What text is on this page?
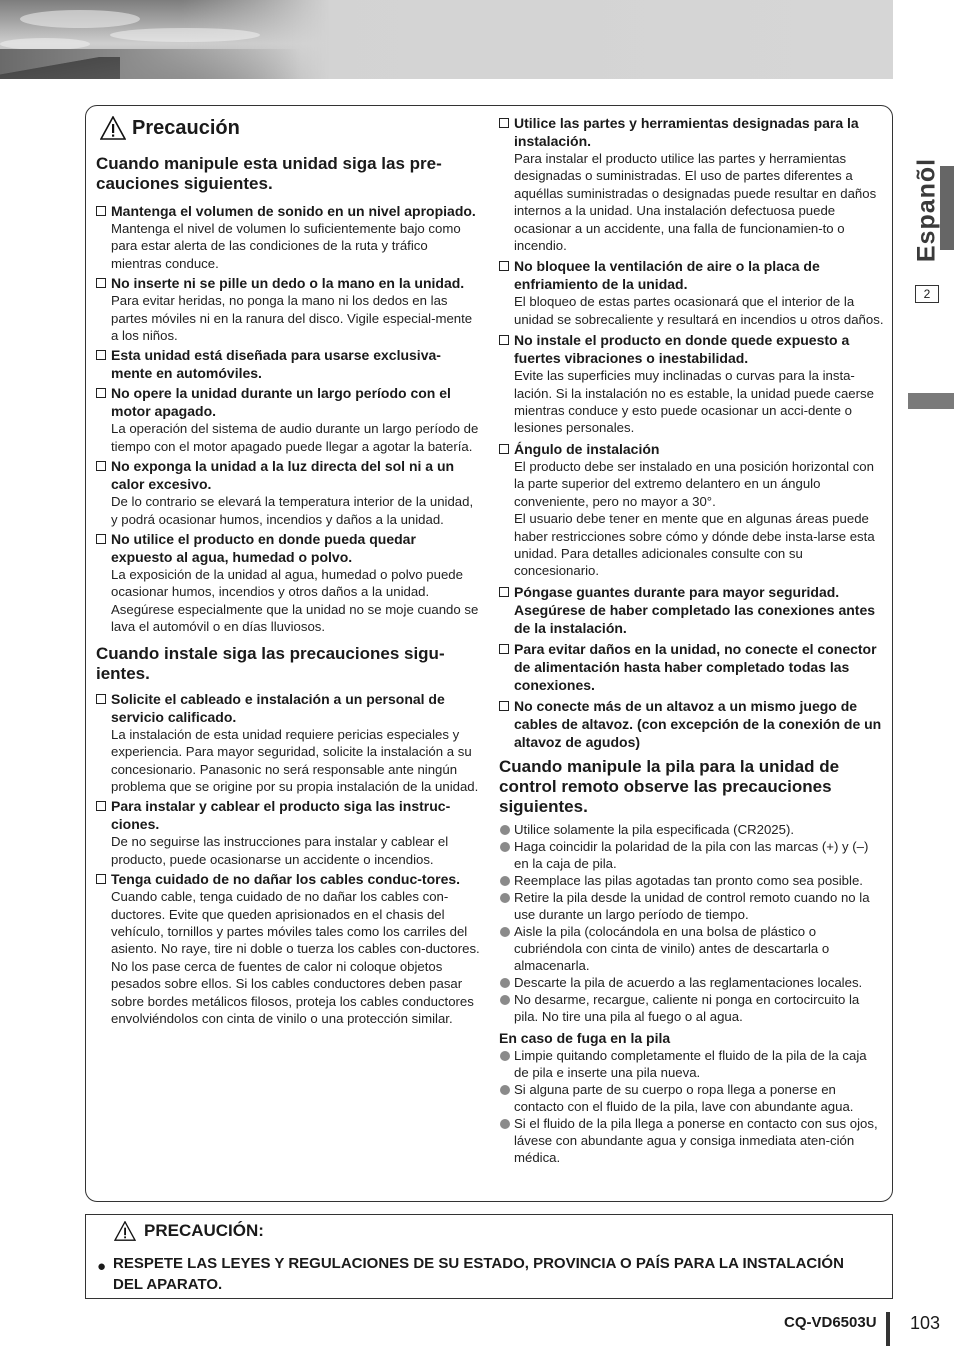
Espanõl
2
Precaución
Cuando manipule esta unidad siga las pre-cauciones siguientes.
Mantenga el volumen de sonido en un nivel apropiado.
Mantenga el nivel de volumen lo suficientemente bajo como para estar alerta de las condiciones de la ruta y tráfico mientras conduce.
No inserte ni se pille un dedo o la mano en la unidad.
Para evitar heridas, no ponga la mano ni los dedos en las partes móviles ni en la ranura del disco. Vigile especial-mente a los niños.
Esta unidad está diseñada para usarse exclusiva-mente en automóviles.
No opere la unidad durante un largo período con el motor apagado.
La operación del sistema de audio durante un largo período de tiempo con el motor apagado puede llegar a agotar la batería.
No exponga la unidad a la luz directa del sol ni a un calor excesivo.
De lo contrario se elevará la temperatura interior de la unidad, y podrá ocasionar humos, incendios y daños a la unidad.
No utilice el producto en donde pueda quedar expuesto al agua, humedad o polvo.
La exposición de la unidad al agua, humedad o polvo puede ocasionar humos, incendios y otros daños a la unidad. Asegúrese especialmente que la unidad no se moje cuando se lava el automóvil o en días lluviosos.
Cuando instale siga las precauciones sigu-ientes.
Solicite el cableado e instalación a un personal de servicio calificado.
La instalación de esta unidad requiere pericias especiales y experiencia. Para mayor seguridad, solicite la instalación a su concesionario. Panasonic no será responsable ante ningún problema que se origine por su propia instalación de la unidad.
Para instalar y cablear el producto siga las instruc-ciones.
De no seguirse las instrucciones para instalar y cablear el producto, puede ocasionarse un accidente o incendios.
Tenga cuidado de no dañar los cables conduc-tores.
Cuando cable, tenga cuidado de no dañar los cables con-ductores. Evite que queden aprisionados en el chasis del vehículo, tornillos y partes móviles tales como los carriles del asiento. No raye, tire ni doble o tuerza los cables con-ductores. No los pase cerca de fuentes de calor ni coloque objetos pesados sobre ellos. Si los cables conductores deben pasar sobre bordes metálicos filosos, proteja los cables conductores envolviéndolos con cinta de vinilo o una protección similar.
Utilice las partes y herramientas designadas para la instalación.
Para instalar el producto utilice las partes y herramientas designadas o suministradas. El uso de partes diferentes a aquéllas suministradas o designadas puede resultar en daños internos a la unidad. Una instalación defectuosa puede ocasionar a un accidente, una falla de funcionamien-to o incendio.
No bloquee la ventilación de aire o la placa de enfriamiento de la unidad.
El bloqueo de estas partes ocasionará que el interior de la unidad se sobrecaliente y resultará en incendios u otros daños.
No instale el producto en donde quede expuesto a fuertes vibraciones o inestabilidad.
Evite las superficies muy inclinadas o curvas para la insta-lación. Si la instalación no es estable, la unidad puede caerse mientras conduce y esto puede ocasionar un acci-dente o lesiones personales.
Ángulo de instalación
El producto debe ser instalado en una posición horizontal con la parte superior del extremo delantero en un ángulo conveniente, pero no mayor a 30°.
El usuario debe tener en mente que en algunas áreas puede haber restricciones sobre cómo y dónde debe insta-larse esta unidad. Para detalles adicionales consulte con su concesionario.
Póngase guantes durante para mayor seguridad. Asegúrese de haber completado las conexiones antes de la instalación.
Para evitar daños en la unidad, no conecte el conector de alimentación hasta haber completado todas las conexiones.
No conecte más de un altavoz a un mismo juego de cables de altavoz. (con excepción de la conexión de un altavoz de agudos)
Cuando manipule la pila para la unidad de control remoto observe las precauciones siguientes.
Utilice solamente la pila especificada (CR2025).
Haga coincidir la polaridad de la pila con las marcas (+) y (–) en la caja de pila.
Reemplace las pilas agotadas tan pronto como sea posible.
Retire la pila desde la unidad de control remoto cuando no la use durante un largo período de tiempo.
Aisle la pila (colocándola en una bolsa de plástico o cubriéndola con cinta de vinilo) antes de descartarla o almacenarla.
Descarte la pila de acuerdo a las reglamentaciones locales.
No desarme, recargue, caliente ni ponga en cortocircuito la pila. No tire una pila al fuego o al agua.
En caso de fuga en la pila
Limpie quitando completamente el fluido de la pila de la caja de pila e inserte una pila nueva.
Si alguna parte de su cuerpo o ropa llega a ponerse en contacto con el fluido de la pila, lave con abundante agua.
Si el fluido de la pila llega a ponerse en contacto con sus ojos, lávese con abundante agua y consiga inmediata aten-ción médica.
PRECAUCIÓN:
● RESPETE LAS LEYES Y REGULACIONES DE SU ESTADO, PROVINCIA O PAÍS PARA LA INSTALACIÓN DEL APARATO.
CQ-VD6503U 103
